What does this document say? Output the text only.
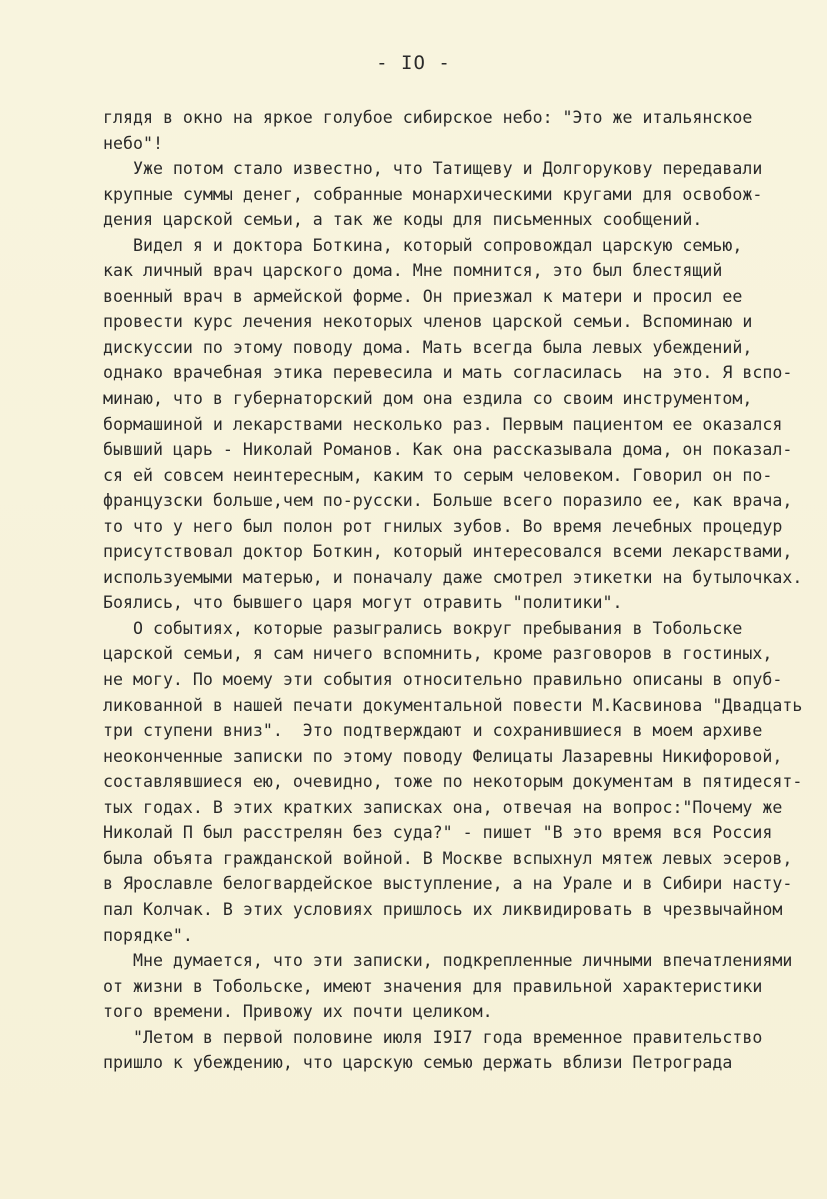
- IO -
глядя в окно на яркое голубое сибирское небо: "Это же итальянское
небо"!
Уже потом стало известно, что Татищеву и Долгорукову передавали
крупные суммы денег, собранные монархическими кругами для освобож-
дения царской семьи, а так же коды для письменных сообщений.
Видел я и доктора Боткина, который сопровождал царскую семью,
как личный врач царского дома. Мне помнится, это был блестящий
военный врач в армейской форме. Он приезжал к матери и просил ее
провести курс лечения некоторых членов царской семьи. Вспоминаю и
дискуссии по этому поводу дома. Мать всегда была левых убеждений,
однако врачебная этика перевесила и мать согласилась  на это. Я вспо-
минаю, что в губернаторский дом она ездила со своим инструментом,
бормашиной и лекарствами несколько раз. Первым пациентом ее оказался
бывший царь - Николай Романов. Как она рассказывала дома, он показал-
ся ей совсем неинтересным, каким то серым человеком. Говорил он по-
французски больше,чем по-русски. Больше всего поразило ее, как врача,
то что у него был полон рот гнилых зубов. Во время лечебных процедур
присутствовал доктор Боткин, который интересовался всеми лекарствами,
используемыми матерью, и поначалу даже смотрел этикетки на бутылочках.
Боялись, что бывшего царя могут отравить "политики".
О событиях, которые разыгрались вокруг пребывания в Тобольске
царской семьи, я сам ничего вспомнить, кроме разговоров в гостиных,
не могу. По моему эти события относительно правильно описаны в опуб-
ликованной в нашей печати документальной повести М.Касвинова "Двадцать
три ступени вниз".  Это подтверждают и сохранившиеся в моем архиве
неоконченные записки по этому поводу Фелицаты Лазаревны Никифоровой,
составлявшиеся ею, очевидно, тоже по некоторым документам в пятидесят-
тых годах. В этих кратких записках она, отвечая на вопрос:"Почему же
Николай П был расстрелян без суда?" - пишет "В это время вся Россия
была объята гражданской войной. В Москве вспыхнул мятеж левых эсеров,
в Ярославле белогвардейское выступление, а на Урале и в Сибири насту-
пал Колчак. В этих условиях пришлось их ликвидировать в чрезвычайном
порядке".
Мне думается, что эти записки, подкрепленные личными впечатлениями
от жизни в Тобольске, имеют значения для правильной характеристики
того времени. Привожу их почти целиком.
"Летом в первой половине июля I9I7 года временное правительство
пришло к убеждению, что царскую семью держать вблизи Петрограда
